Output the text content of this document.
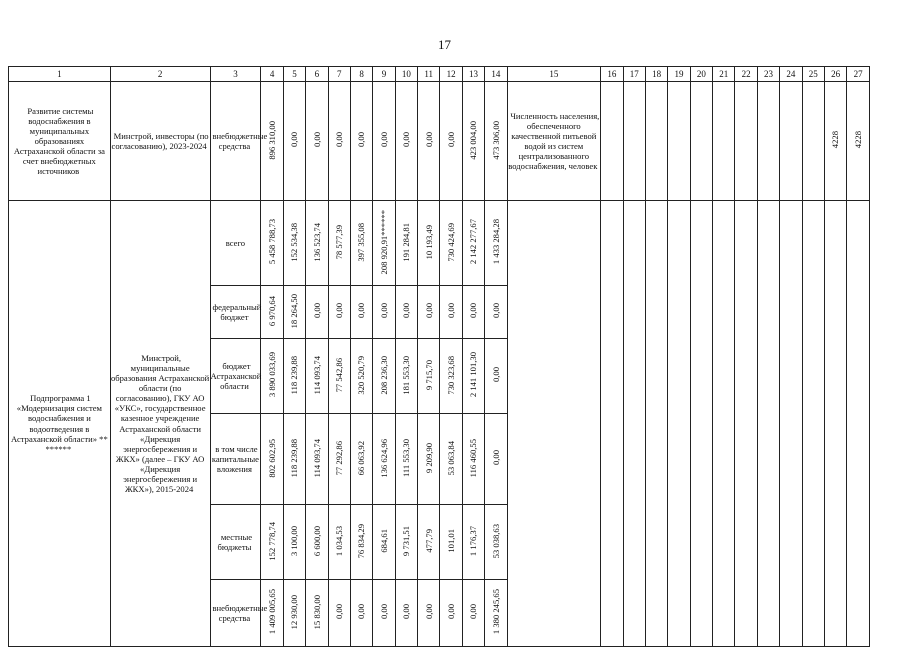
17
1	2	3	4	5	6	7	8	9	10	11	12	13	14	15	16	17	18	19	20	21	22	23	24	25	26	27
Развитие системы водоснабжения в муниципальных образованиях Астраханской области за счет внебюджетных источников	Минстрой, инвесторы (по согласованию), 2023-2024	внебюджетные средства	896 310,00	0,00	0,00	0,00	0,00	0,00	0,00	0,00	0,00	423 004,00	473 306,00	Численность населения, обеспеченного качественной питьевой водой из систем централизованного водоснабжения, человек											4228	4228
Подпрограмма 1 «Модернизация систем водоснабжения и водоотведения в Астраханской области» ** ******	Минстрой, муниципальные образования Астраханской области (по согласованию), ГКУ АО «УКС», государственное казенное учреждение Астраханской области «Дирекция энергосбережения и ЖКХ» (далее – ГКУ АО «Дирекция энергосбережения и ЖКХ»), 2015-2024	всего	5 458 788,73	152 534,38	136 523,74	78 577,39	397 355,08	208 920,91******	191 284,81	10 193,49	730 424,69	2 142 277,67	1 433 284,28													
		федеральный бюджет	6 970,64	18 264,50	0,00	0,00	0,00	0,00	0,00	0,00	0,00	0,00	0,00													
		бюджет Астраханской области	3 890 033,69	118 239,88	114 093,74	77 542,86	320 520,79	208 236,30	181 553,30	9 715,70	730 323,68	2 141 101,30	0,00													
		в том числе капитальные вложения	802 602,95	118 239,88	114 093,74	77 292,86	66 063,92	136 624,96	111 553,30	9 209,90	53 063,84	116 460,55	0,00													
		местные бюджеты	152 778,74	3 100,00	6 600,00	1 034,53	76 834,29	684,61	9 731,51	477,79	101,01	1 176,37	53 038,63													
		внебюджетные средства	1 409 005,65	12 930,00	15 830,00	0,00	0,00	0,00	0,00	0,00	0,00	0,00	1 380 245,65													
